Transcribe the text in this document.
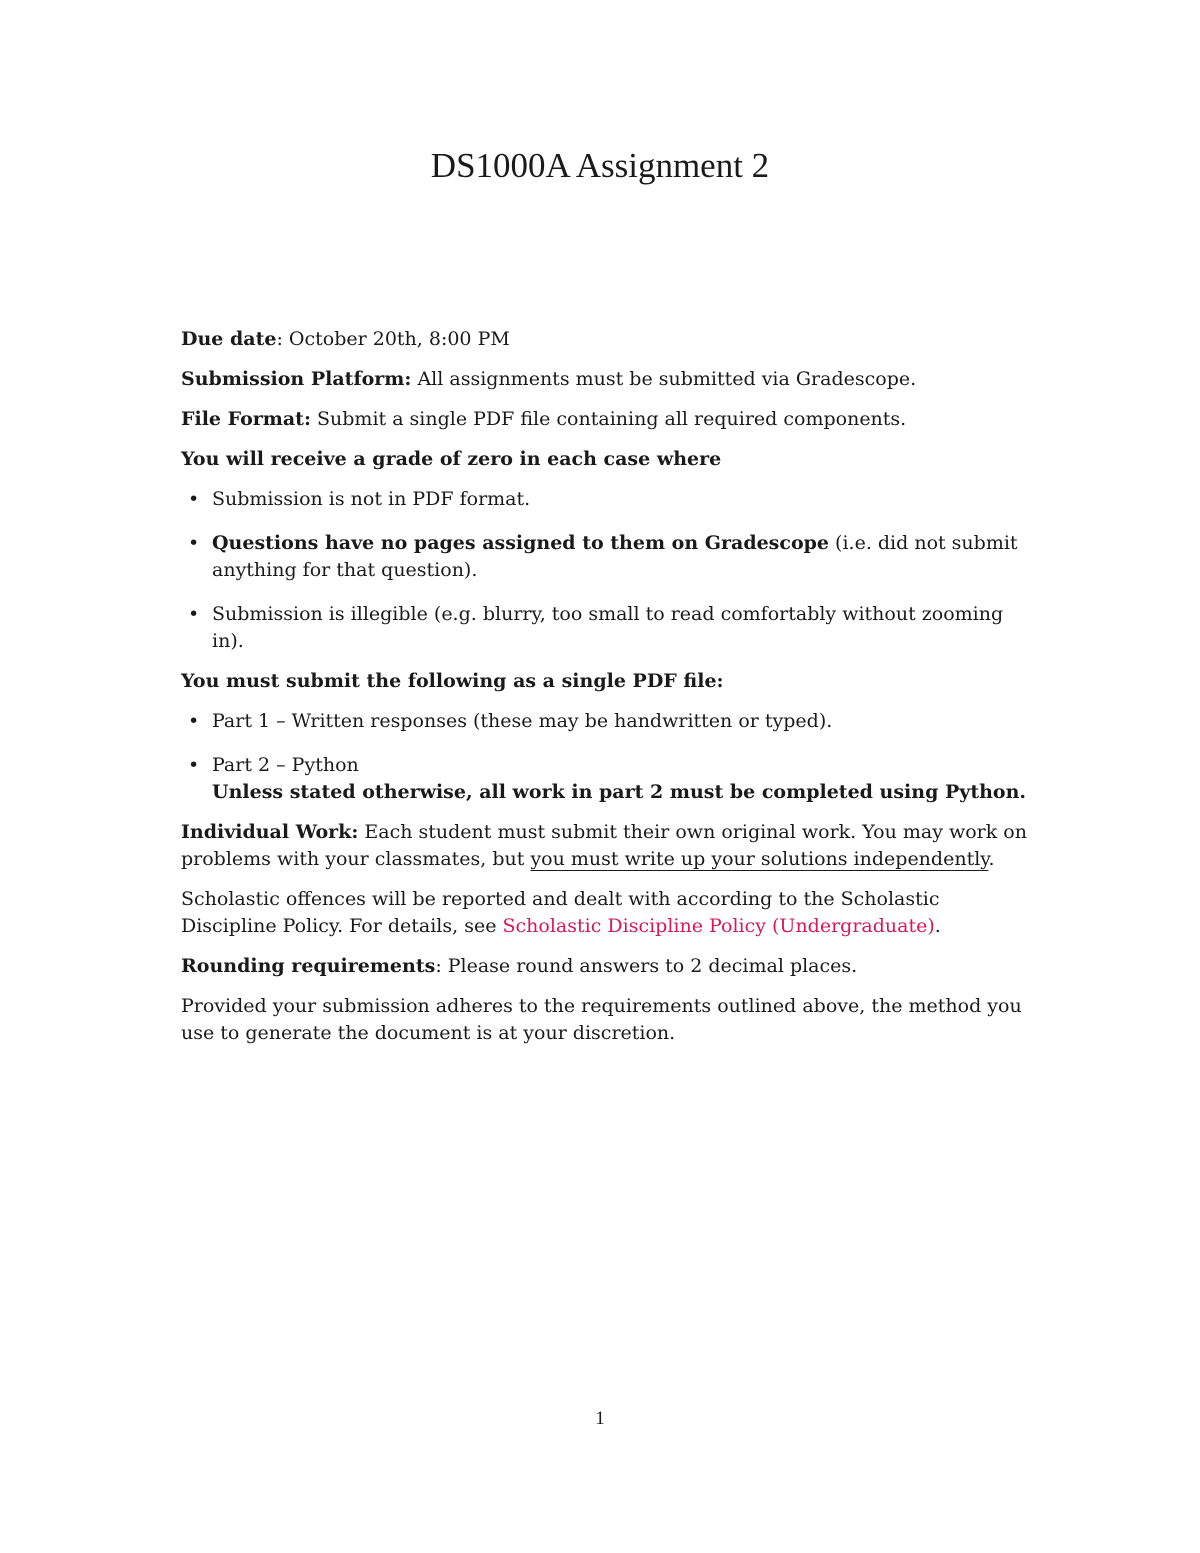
DS1000A Assignment 2

Due date: October 20th, 8:00 PM

Submission Platform: All assignments must be submitted via Gradescope.

File Format: Submit a single PDF file containing all required components.

You will receive a grade of zero in each case where

• Submission is not in PDF format.
• Questions have no pages assigned to them on Gradescope (i.e. did not submit anything for that question).
• Submission is illegible (e.g. blurry, too small to read comfortably without zooming in).

You must submit the following as a single PDF file:

• Part 1 – Written responses (these may be handwritten or typed).
• Part 2 – Python
Unless stated otherwise, all work in part 2 must be completed using Python.

Individual Work: Each student must submit their own original work. You may work on problems with your classmates, but you must write up your solutions independently.

Scholastic offences will be reported and dealt with according to the Scholastic Discipline Policy. For details, see Scholastic Discipline Policy (Undergraduate).

Rounding requirements: Please round answers to 2 decimal places.

Provided your submission adheres to the requirements outlined above, the method you use to generate the document is at your discretion.

1
